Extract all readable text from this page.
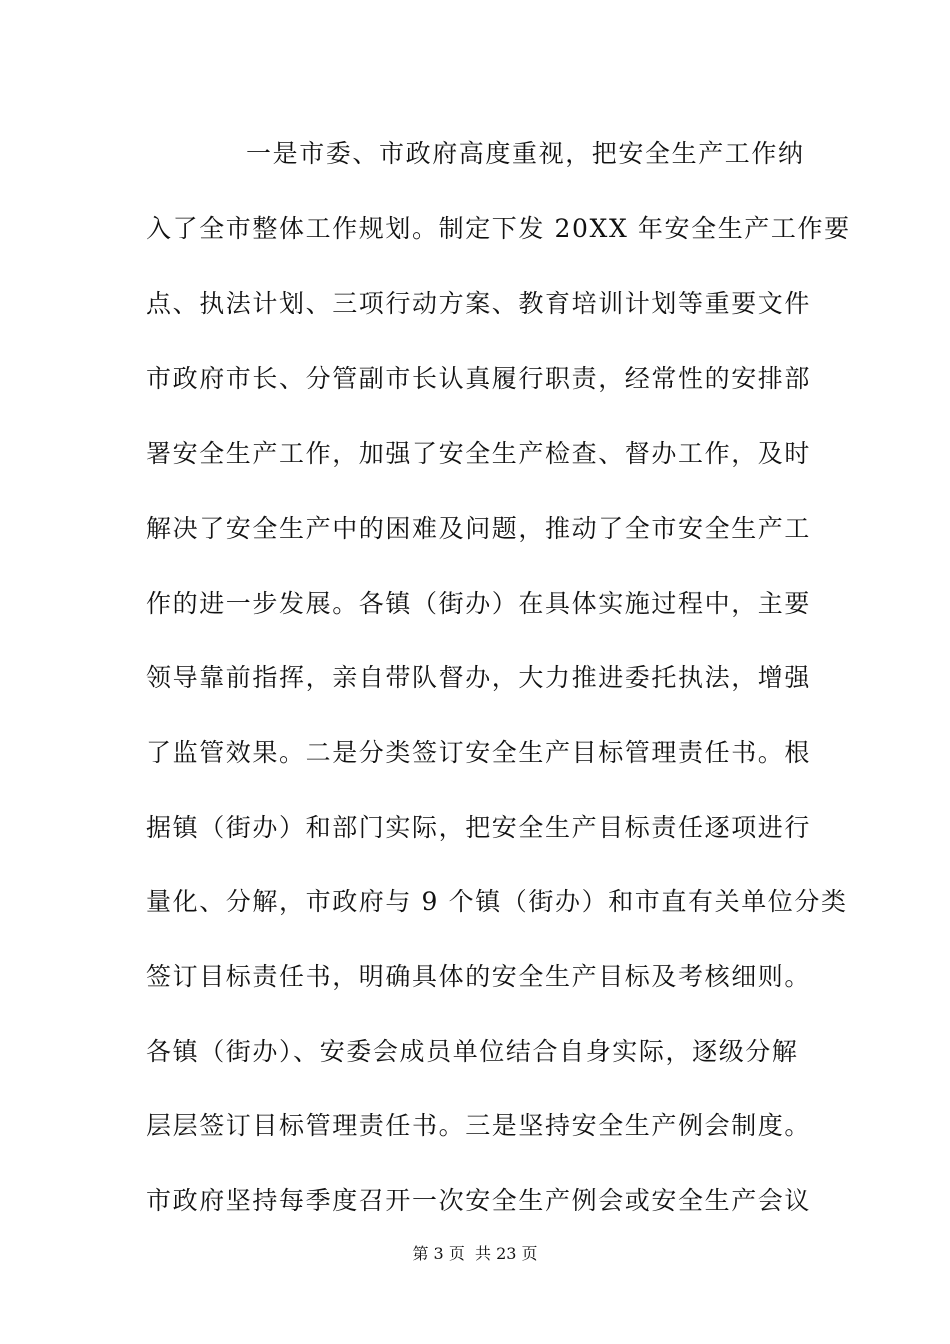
一是市委、市政府高度重视，把安全生产工作纳
入了全市整体工作规划。制定下发 20XX 年安全生产工作要
点、执法计划、三项行动方案、教育培训计划等重要文件
市政府市长、分管副市长认真履行职责，经常性的安排部
署安全生产工作，加强了安全生产检查、督办工作，及时
解决了安全生产中的困难及问题，推动了全市安全生产工
作的进一步发展。各镇（街办）在具体实施过程中，主要
领导靠前指挥，亲自带队督办，大力推进委托执法，增强
了监管效果。二是分类签订安全生产目标管理责任书。根
据镇（街办）和部门实际，把安全生产目标责任逐项进行
量化、分解，市政府与 9 个镇（街办）和市直有关单位分类
签订目标责任书，明确具体的安全生产目标及考核细则。
各镇（街办）、安委会成员单位结合自身实际，逐级分解
层层签订目标管理责任书。三是坚持安全生产例会制度。
市政府坚持每季度召开一次安全生产例会或安全生产会议
第 3 页  共 23 页
